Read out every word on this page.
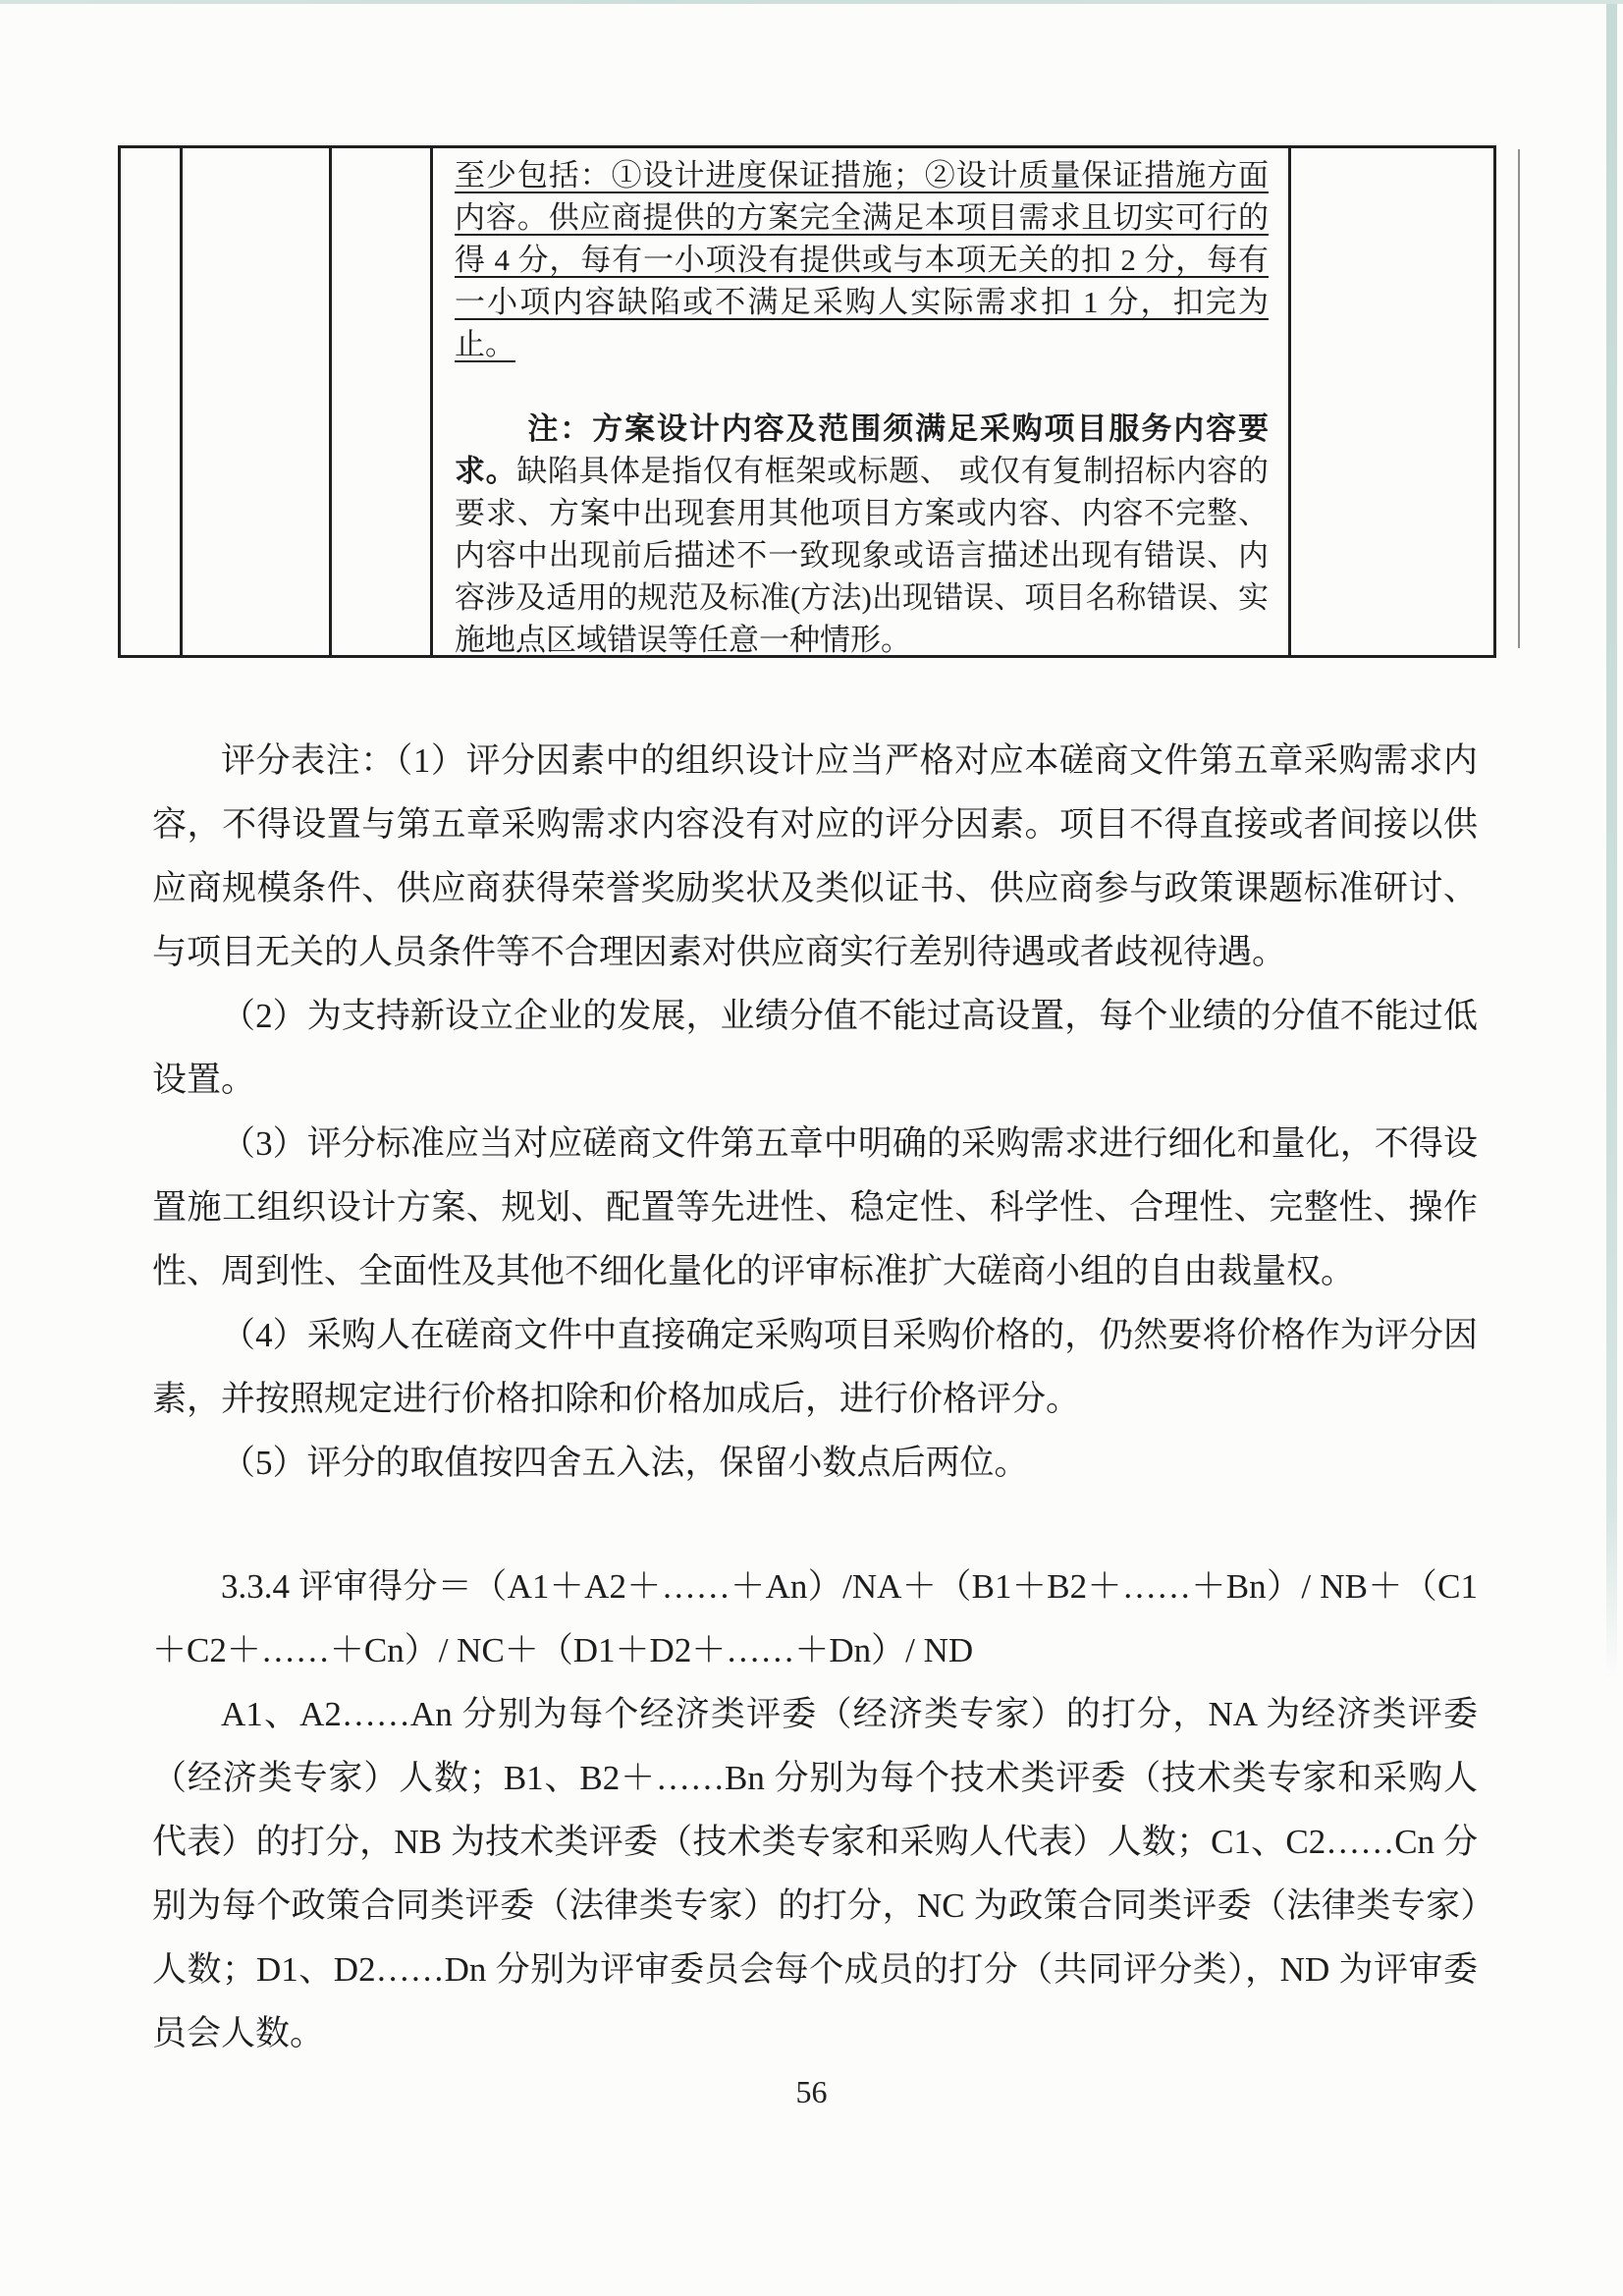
至少包括：①设计进度保证措施；②设计质量保证措施方面内容。供应商提供的方案完全满足本项目需求且切实可行的得 4 分，每有一小项没有提供或与本项无关的扣 2 分，每有一小项内容缺陷或不满足采购人实际需求扣 1 分，扣完为止。

注：方案设计内容及范围须满足采购项目服务内容要求。缺陷具体是指仅有框架或标题、 或仅有复制招标内容的要求、方案中出现套用其他项目方案或内容、内容不完整、内容中出现前后描述不一致现象或语言描述出现有错误、内容涉及适用的规范及标准(方法)出现错误、项目名称错误、实施地点区域错误等任意一种情形。

评分表注：（1）评分因素中的组织设计应当严格对应本磋商文件第五章采购需求内容，不得设置与第五章采购需求内容没有对应的评分因素。项目不得直接或者间接以供应商规模条件、供应商获得荣誉奖励奖状及类似证书、供应商参与政策课题标准研讨、与项目无关的人员条件等不合理因素对供应商实行差别待遇或者歧视待遇。

（2）为支持新设立企业的发展，业绩分值不能过高设置，每个业绩的分值不能过低设置。

（3）评分标准应当对应磋商文件第五章中明确的采购需求进行细化和量化，不得设置施工组织设计方案、规划、配置等先进性、稳定性、科学性、合理性、完整性、操作性、周到性、全面性及其他不细化量化的评审标准扩大磋商小组的自由裁量权。

（4）采购人在磋商文件中直接确定采购项目采购价格的，仍然要将价格作为评分因素，并按照规定进行价格扣除和价格加成后，进行价格评分。

（5）评分的取值按四舍五入法，保留小数点后两位。

3.3.4 评审得分＝（A1＋A2＋……＋An）/NA＋（B1＋B2＋……＋Bn）/ NB＋（C1＋C2＋……＋Cn）/ NC＋（D1＋D2＋……＋Dn）/ ND

A1、A2……An 分别为每个经济类评委（经济类专家）的打分，NA 为经济类评委（经济类专家）人数；B1、B2＋……Bn 分别为每个技术类评委（技术类专家和采购人代表）的打分，NB 为技术类评委（技术类专家和采购人代表）人数；C1、C2……Cn 分别为每个政策合同类评委（法律类专家）的打分，NC 为政策合同类评委（法律类专家）人数；D1、D2……Dn 分别为评审委员会每个成员的打分（共同评分类），ND 为评审委员会人数。

56
